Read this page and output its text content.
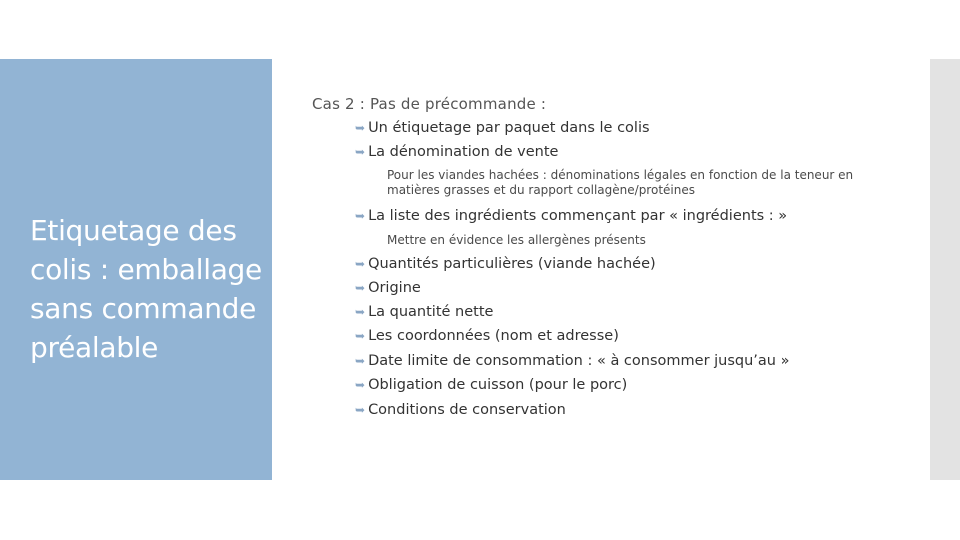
Etiquetage des colis : emballage sans commande préalable

Cas 2 : Pas de précommande :

➥ Un étiquetage par paquet dans le colis
➥ La dénomination de vente
Pour les viandes hachées : dénominations légales en fonction de la teneur en matières grasses et du rapport collagène/protéines
➥ La liste des ingrédients commençant par « ingrédients : »
Mettre en évidence les allergènes présents
➥ Quantités particulières (viande hachée)
➥ Origine
➥ La quantité nette
➥ Les coordonnées (nom et adresse)
➥ Date limite de consommation : « à consommer jusqu’au »
➥ Obligation de cuisson (pour le porc)
➥ Conditions de conservation
